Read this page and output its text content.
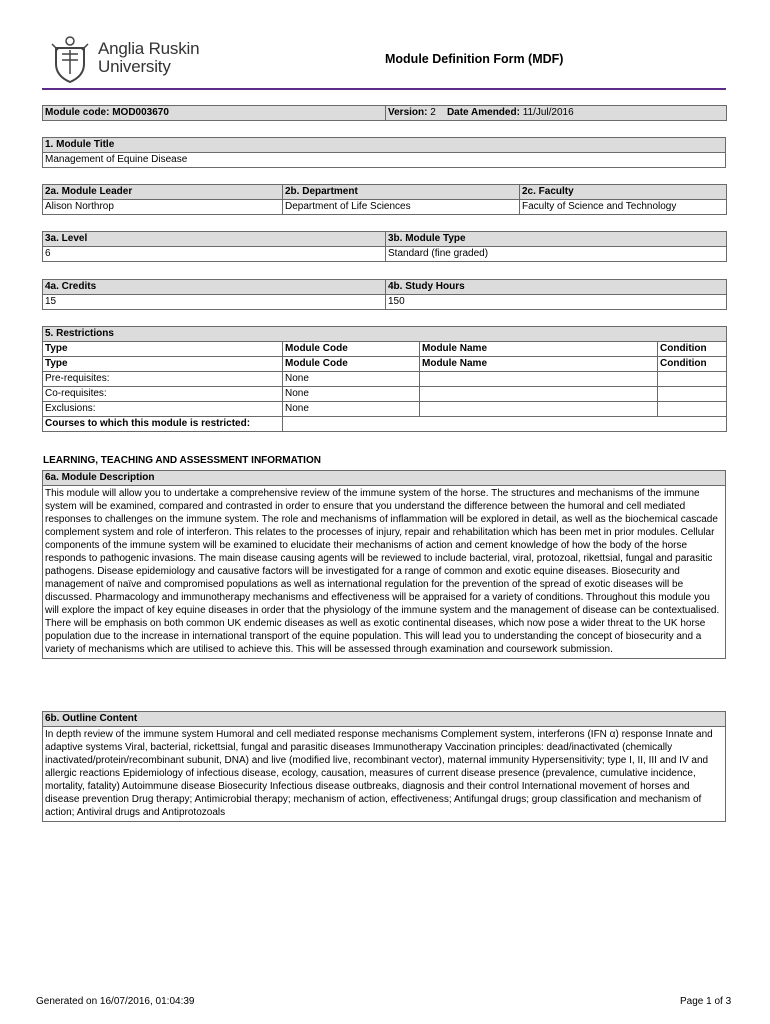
Anglia Ruskin
University	Module Definition Form (MDF)
Module code: MOD003670	Version: 2 Date Amended: 11/Jul/2016
1. Module Title
Management of Equine Disease
2a. Module Leader	2b. Department	2c. Faculty
Alison Northrop	Department of Life Sciences	Faculty of Science and Technology
3a. Level	3b. Module Type
6	Standard (fine graded)
4a. Credits	4b. Study Hours
15	150
5. Restrictions			
Type	Module Code	Module Name	Condition
Type	Module Code	Module Name	Condition
Pre-requisites:	None		
Co-requisites:	None		
Exclusions:	None		
Courses to which this module is restricted:			
LEARNING, TEACHING AND ASSESSMENT INFORMATION
6a. Module Description
This module will allow you to undertake a comprehensive review of the immune system of the horse. The structures and mechanisms of the immune system will be examined, compared and contrasted in order to ensure that you understand the difference between the humoral and cell mediated responses to challenges on the immune system. The role and mechanisms of inflammation will be explored in detail, as well as the biochemical cascade complement system and role of interferon. This relates to the processes of injury, repair and rehabilitation which has been met in prior modules. Cellular components of the immune system will be examined to elucidate their mechanisms of action and cement knowledge of how the body of the horse responds to pathogenic invasions. The main disease causing agents will be reviewed to include bacterial, viral, protozoal, rikettsial, fungal and parasitic pathogens. Disease epidemiology and causative factors will be investigated for a range of common and exotic equine diseases. Biosecurity and management of naïve and compromised populations as well as international regulation for the prevention of the spread of exotic diseases will be discussed. Pharmacology and immunotherapy mechanisms and effectiveness will be appraised for a variety of conditions. Throughout this module you will explore the impact of key equine diseases in order that the physiology of the immune system and the management of disease can be contextualised. There will be emphasis on both common UK endemic diseases as well as exotic continental diseases, which now pose a wider threat to the UK horse population due to the increase in international transport of the equine population. This will lead you to understanding the concept of biosecurity and a variety of mechanisms which are utilised to achieve this. This will be assessed through examination and coursework submission.
6b. Outline Content
In depth review of the immune system Humoral and cell mediated response mechanisms Complement system, interferons (IFN α) response Innate and adaptive systems Viral, bacterial, rickettsial, fungal and parasitic diseases Immunotherapy Vaccination principles: dead/inactivated (chemically inactivated/protein/recombinant subunit, DNA) and live (modified live, recombinant vector), maternal immunity Hypersensitivity; type I, II, III and IV and allergic reactions Epidemiology of infectious disease, ecology, causation, measures of current disease presence (prevalence, cumulative incidence, mortality, fatality) Autoimmune disease Biosecurity Infectious disease outbreaks, diagnosis and their control International movement of horses and disease prevention Drug therapy; Antimicrobial therapy; mechanism of action, effectiveness; Antifungal drugs; group classification and mechanism of action; Antiviral drugs and Antiprotozoals
Generated on 16/07/2016, 01:04:39	Page 1 of 3
